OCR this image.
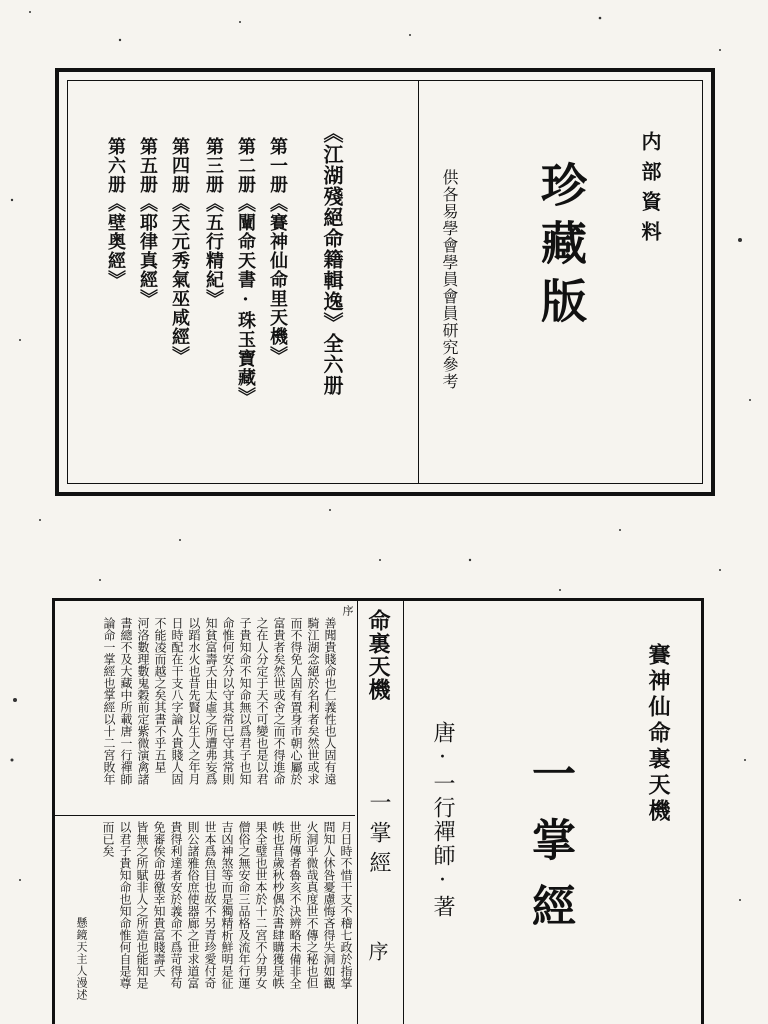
内部資料
珍藏版
供各易學會學員會員研究參考
《江湖殘絕命籍輯逸》全六册
第一册《賽神仙命里天機》
第二册《闡命天書·珠玉寶藏》
第三册《五行精紀》
第四册《天元秀氣巫咸經》
第五册《耶律真經》
第六册《壁奥經》
賽神仙命裏天機
一掌經
唐·一行禪師·著
命裏天機
一掌經
序
序
善聞貴賤命也仁義性也人固有遠
騎江湖念絕於名利者矣然世或求
而不得免人固有置身市朝心屬於
富貴者矣然世或舍之而不得進命
之在人分定于天不可變也是以君
子貴知命不知命無以爲君子也知
命惟何安分以守其常已守其常則
知貧富壽夭由太虛之所遭弗妄爲
以蹈水火也昔先賢以生人之年月
日時配在干支八字論人貴賤人固
不能凌而越之矣其書不乎五星
河洛數理數鬼穀前定紫微演禽諸
書總不及大藏中所載唐一行禪師
論命一掌經也掌經以十二宮敗年
月日時不惜干支不稽七政於指掌
間知人休咎憂慮悔吝得失洞如觀
火洞乎微哉真度世不傳之秘也但
世所傳者魯亥不決辨略未備非全
帙也昔歲秋杪偶於書肆購獲是帙
果全璧也世本於十二宮不分男女
僧俗之無安命三品格及流年行運
吉凶神煞等而是獨精析鮮明是征
世本爲魚目也故不另青珍愛付奇
則公諸雅俗庶使器廊之世求道富
貴得利達者安於義命不爲苛得苟
免審俟命毋徼幸知貴富賤壽夭
皆無之所賦非人之所造也能知是
以君子貴知命也知命惟何自是尊
而已矣
懸鏡天主人漫述
